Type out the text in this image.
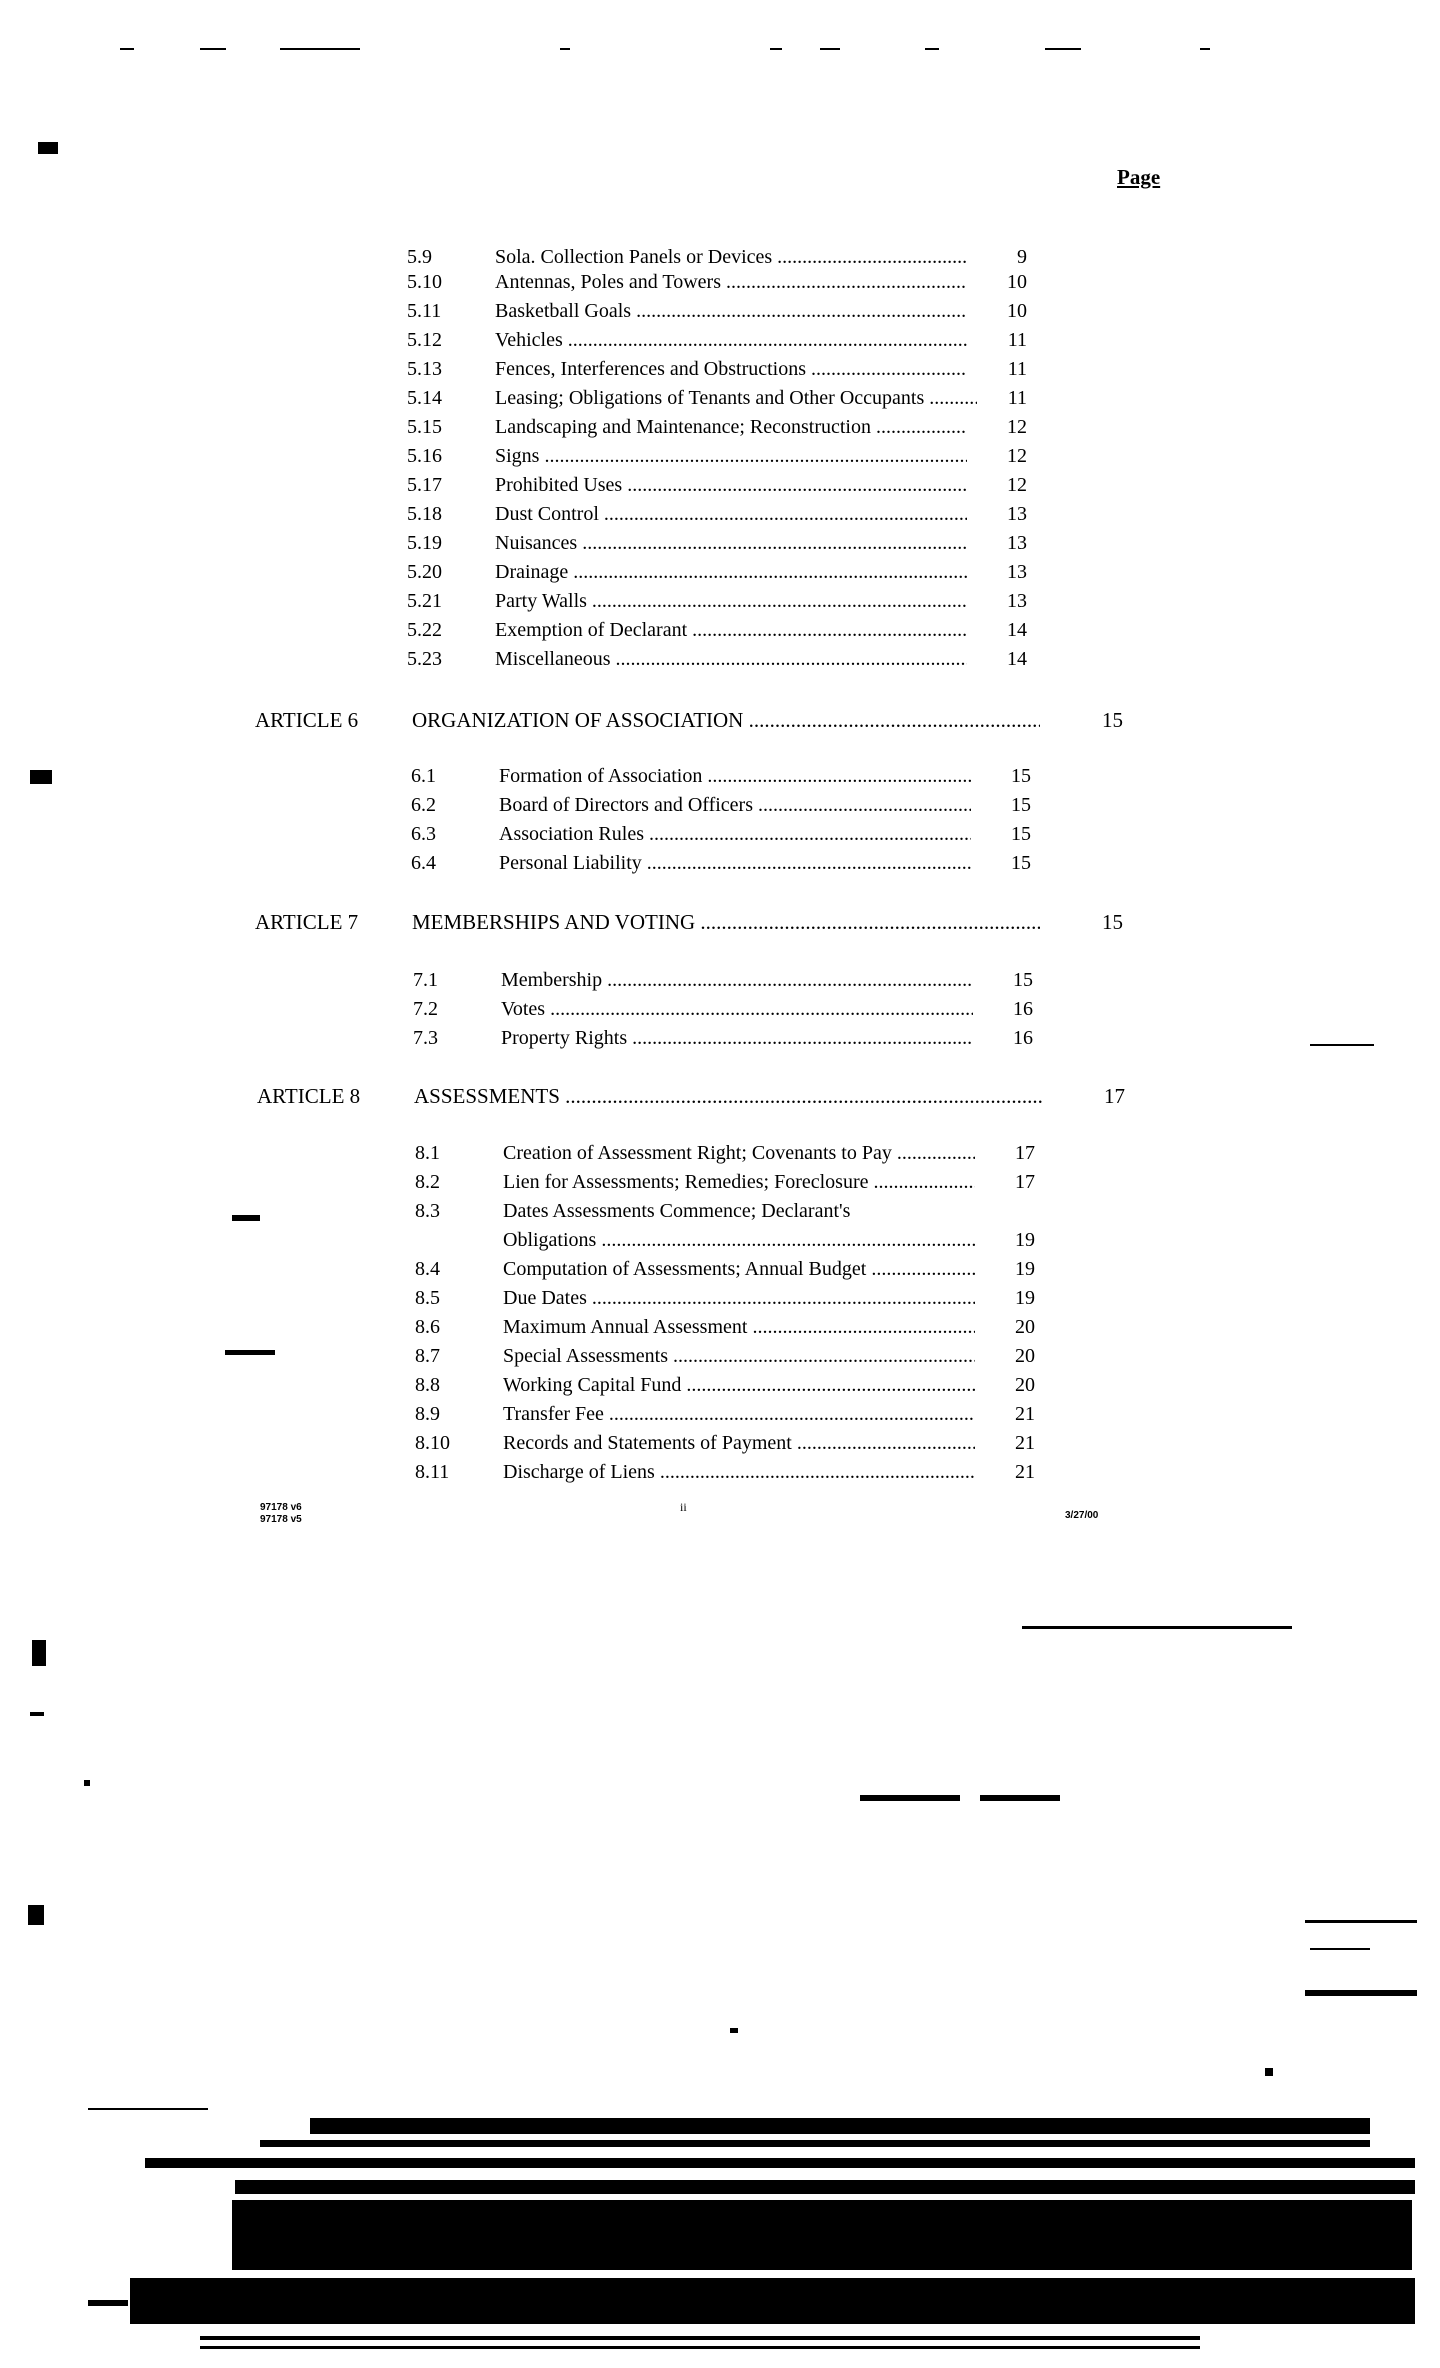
Page
5.9	Sola. Collection Panels or Devices .....	9
5.10	Antennas, Poles and Towers .....	10
5.11	Basketball Goals .....	10
5.12	Vehicles .....	11
5.13	Fences, Interferences and Obstructions .....	11
5.14	Leasing; Obligations of Tenants and Other Occupants .....	11
5.15	Landscaping and Maintenance; Reconstruction .....	12
5.16	Signs .....	12
5.17	Prohibited Uses .....	12
5.18	Dust Control .....	13
5.19	Nuisances .....	13
5.20	Drainage .....	13
5.21	Party Walls .....	13
5.22	Exemption of Declarant .....	14
5.23	Miscellaneous .....	14
ARTICLE 6	ORGANIZATION OF ASSOCIATION .....	15
6.1	Formation of Association .....	15
6.2	Board of Directors and Officers .....	15
6.3	Association Rules .....	15
6.4	Personal Liability .....	15
ARTICLE 7	MEMBERSHIPS AND VOTING .....	15
7.1	Membership .....	15
7.2	Votes .....	16
7.3	Property Rights .....	16
ARTICLE 8	ASSESSMENTS .....	17
8.1	Creation of Assessment Right; Covenants to Pay .....	17
8.2	Lien for Assessments; Remedies; Foreclosure .....	17
8.3	Dates Assessments Commence; Declarant's
Obligations .....	19
8.4	Computation of Assessments; Annual Budget .....	19
8.5	Due Dates .....	19
8.6	Maximum Annual Assessment .....	20
8.7	Special Assessments .....	20
8.8	Working Capital Fund .....	20
8.9	Transfer Fee .....	21
8.10	Records and Statements of Payment .....	21
8.11	Discharge of Liens .....	21
97178 v6
97178 v5
ii
3/27/00
